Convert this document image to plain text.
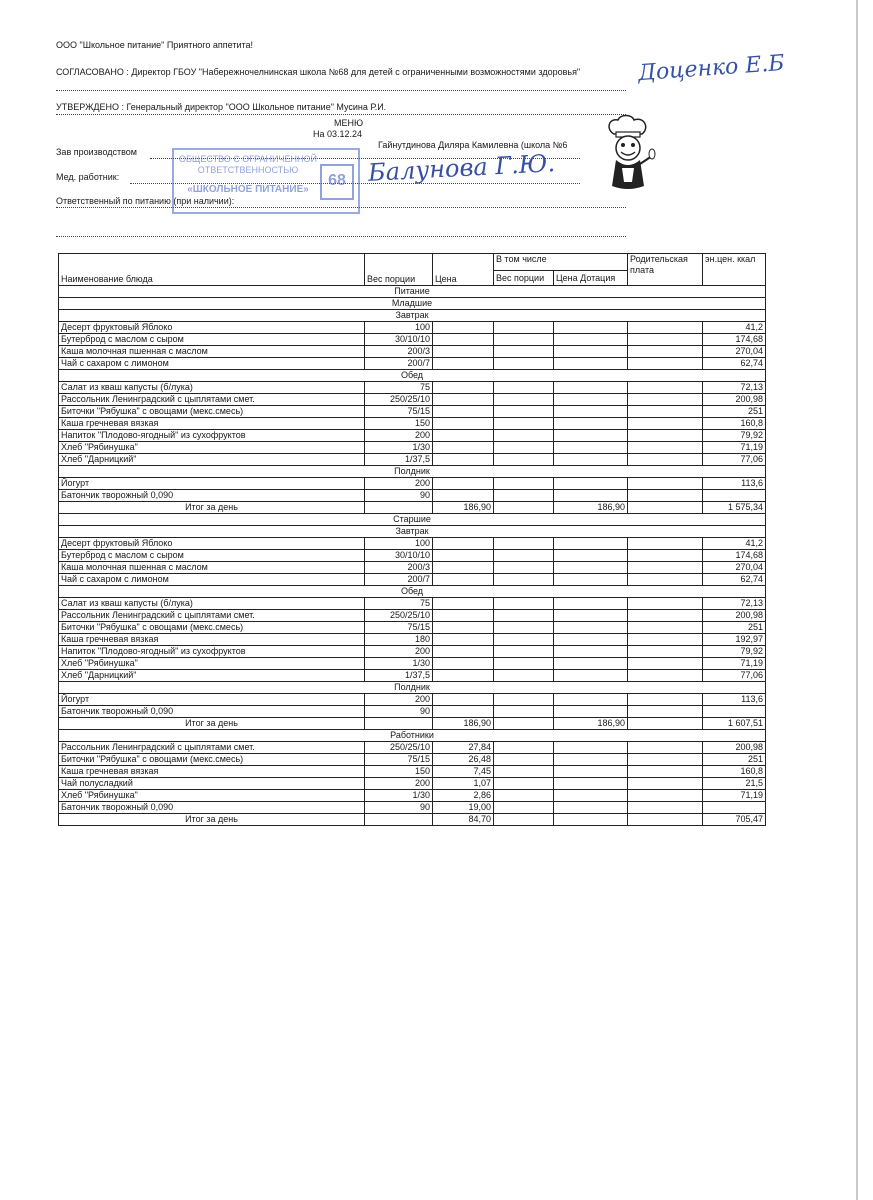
ООО "Школьное питание" Приятного аппетита!
СОГЛАСОВАНО : Директор ГБОУ "Набережночелнинская школа №68 для детей с ограниченными возможностями здоровья"	Доценко Е.Б
УТВЕРЖДЕНО : Генеральный директор "ООО Школьное питание" Мусина Р.И.
МЕНЮ
На 03.12.24
Зав производством
Гайнутдинова Диляра Камилевна (школа №6
Мед. работник:	Балунова Г.Ю.
Ответственный по питанию (при наличии):
ОБЩЕСТВО С ОГРАНИЧЕННОЙ ОТВЕТСТВЕННОСТЬЮ
«ШКОЛЬНОЕ ПИТАНИЕ»
68
Наименование блюда	Вес порции	Цена	В том числе		Родительская плата	эн.цен. ккал
			Вес порции	Цена Дотация		
Питание						
Младшие						
Завтрак						
Десерт фруктовый Яблоко	100					41,2
Бутерброд с маслом с сыром	30/10/10					174,68
Каша молочная пшенная с маслом	200/3					270,04
Чай с сахаром с лимоном	200/7					62,74
Обед						
Салат из кваш капусты (б/лука)	75					72,13
Рассольник Ленинградский с цыплятами смет.	250/25/10					200,98
Биточки "Рябушка" с овощами (мекс.смесь)	75/15					251
Каша гречневая вязкая	150					160,8
Напиток "Плодово-ягодный" из сухофруктов	200					79,92
Хлеб "Рябинушка"	1/30					71,19
Хлеб "Дарницкий"	1/37,5					77,06
Полдник						
Йогурт	200					113,6
Батончик творожный 0,090	90					
Итог за день		186,90		186,90		1 575,34
Старшие						
Завтрак						
Десерт фруктовый Яблоко	100					41,2
Бутерброд с маслом с сыром	30/10/10					174,68
Каша молочная пшенная с маслом	200/3					270,04
Чай с сахаром с лимоном	200/7					62,74
Обед						
Салат из кваш капусты (б/лука)	75					72,13
Рассольник Ленинградский с цыплятами смет.	250/25/10					200,98
Биточки "Рябушка" с овощами (мекс.смесь)	75/15					251
Каша гречневая вязкая	180					192,97
Напиток "Плодово-ягодный" из сухофруктов	200					79,92
Хлеб "Рябинушка"	1/30					71,19
Хлеб "Дарницкий"	1/37,5					77,06
Полдник						
Йогурт	200					113,6
Батончик творожный 0,090	90					
Итог за день		186,90		186,90		1 607,51
Работники						
Рассольник Ленинградский с цыплятами смет.	250/25/10	27,84				200,98
Биточки "Рябушка" с овощами (мекс.смесь)	75/15	26,48				251
Каша гречневая вязкая	150	7,45				160,8
Чай полусладкий	200	1,07				21,5
Хлеб "Рябинушка"	1/30	2,86				71,19
Батончик творожный 0,090	90	19,00				
Итог за день		84,70				705,47
